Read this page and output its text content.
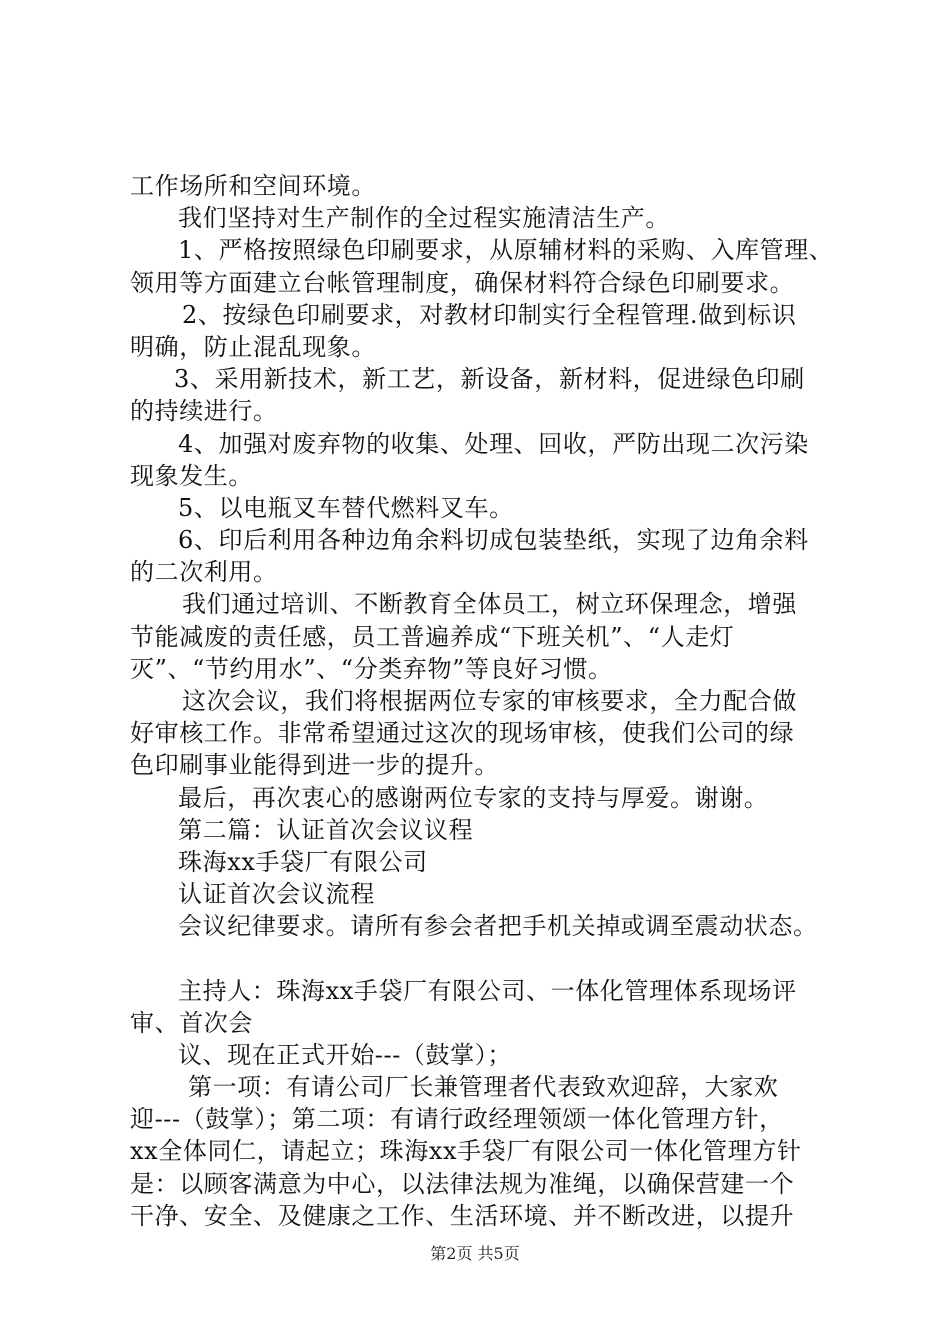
工作场所和空间环境。
我们坚持对生产制作的全过程实施清洁生产。
1、严格按照绿色印刷要求，从原辅材料的采购、入库管理、
领用等方面建立台帐管理制度，确保材料符合绿色印刷要求。
2、按绿色印刷要求，对教材印制实行全程管理.做到标识
明确，防止混乱现象。
3、采用新技术，新工艺，新设备，新材料，促进绿色印刷
的持续进行。
4、加强对废弃物的收集、处理、回收，严防出现二次污染
现象发生。
5、以电瓶叉车替代燃料叉车。
6、印后利用各种边角余料切成包装垫纸，实现了边角余料
的二次利用。
我们通过培训、不断教育全体员工，树立环保理念，增强
节能减废的责任感，员工普遍养成“下班关机”、“人走灯
灭”、“节约用水”、“分类弃物”等良好习惯。
这次会议，我们将根据两位专家的审核要求，全力配合做
好审核工作。非常希望通过这次的现场审核，使我们公司的绿
色印刷事业能得到进一步的提升。
最后，再次衷心的感谢两位专家的支持与厚爱。谢谢。
第二篇：认证首次会议议程
珠海xx手袋厂有限公司
认证首次会议流程
会议纪律要求。请所有参会者把手机关掉或调至震动状态。
主持人：珠海xx手袋厂有限公司、一体化管理体系现场评
审、首次会
议、现在正式开始---（鼓掌）；
第一项：有请公司厂长兼管理者代表致欢迎辞，大家欢
迎---（鼓掌）；第二项：有请行政经理领颂一体化管理方针，
xx全体同仁，请起立；珠海xx手袋厂有限公司一体化管理方针
是：以顾客满意为中心，以法律法规为准绳，以确保营建一个
干净、安全、及健康之工作、生活环境、并不断改进，以提升
第2页 共5页
